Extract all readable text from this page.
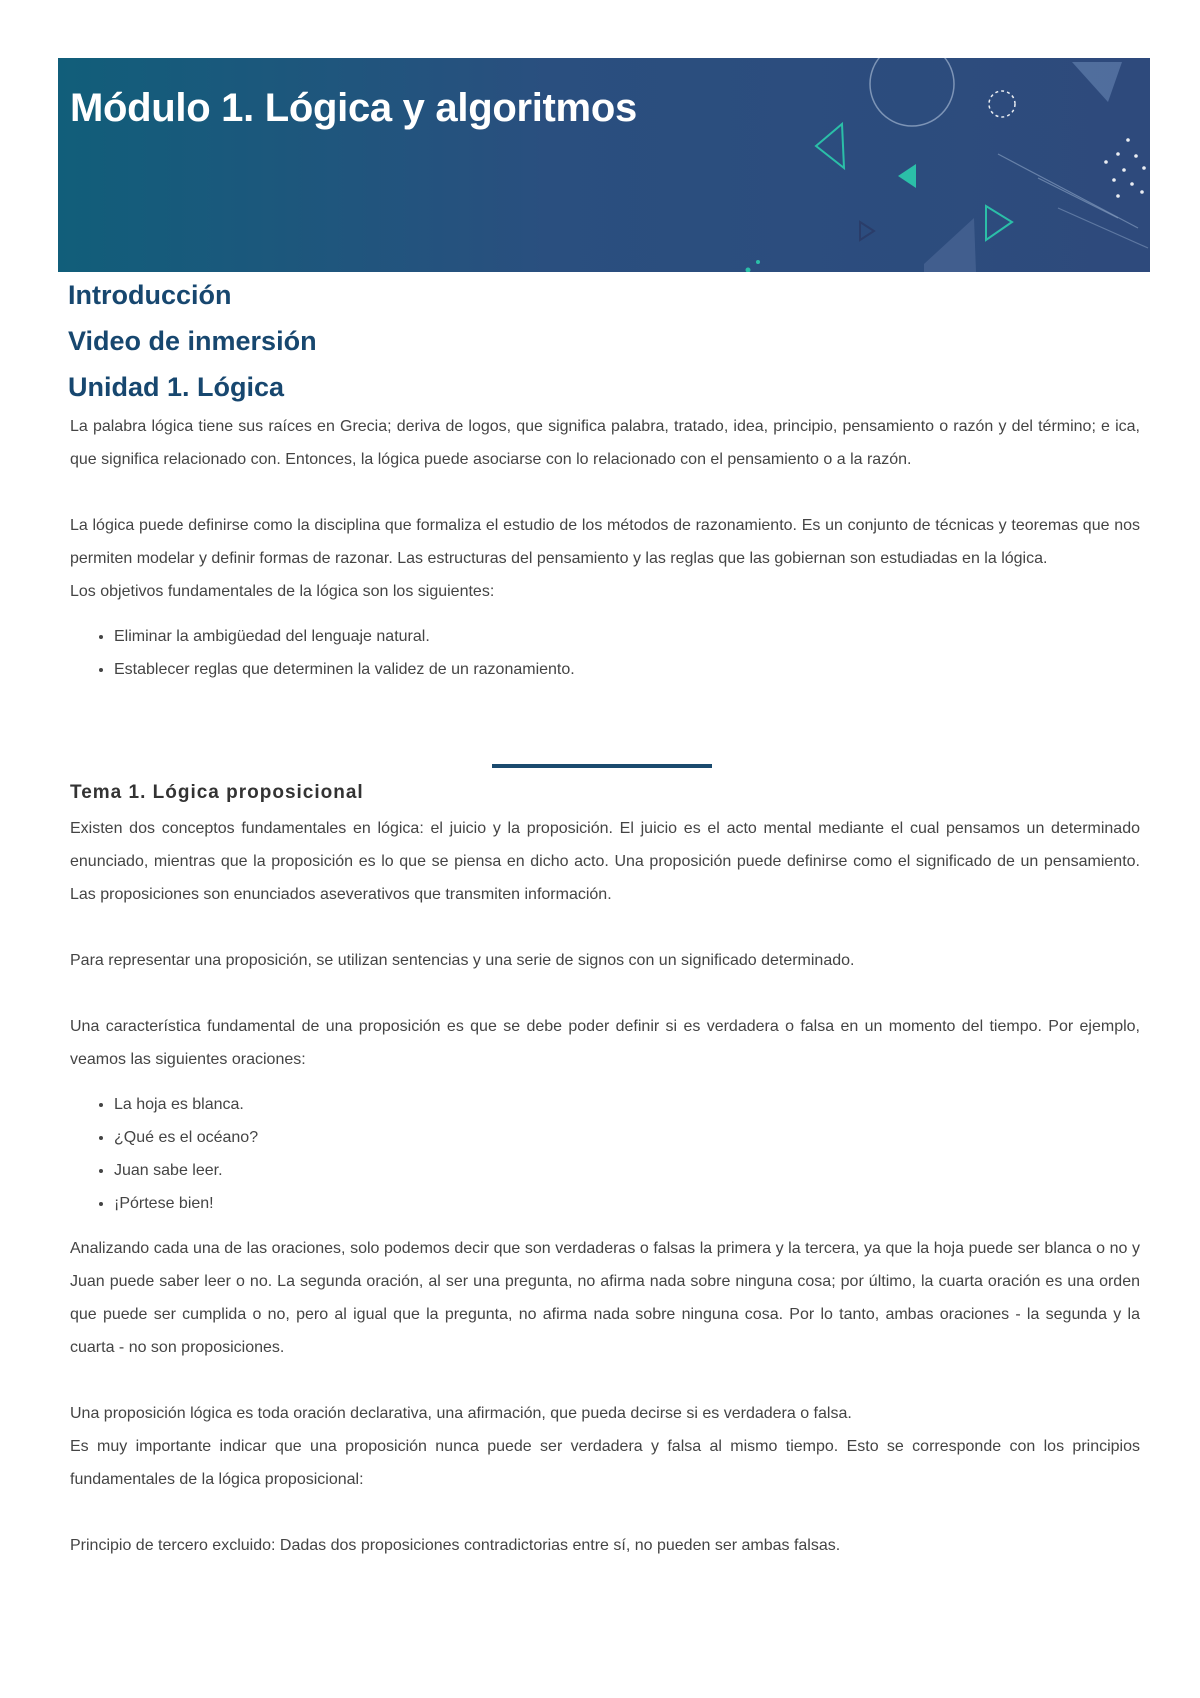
Módulo 1. Lógica y algoritmos
Introducción
Video de inmersión
Unidad 1. Lógica

La palabra lógica tiene sus raíces en Grecia; deriva de logos, que significa palabra, tratado, idea, principio, pensamiento o razón y del término; e ica, que significa relacionado con. Entonces, la lógica puede asociarse con lo relacionado con el pensamiento o a la razón.

La lógica puede definirse como la disciplina que formaliza el estudio de los métodos de razonamiento. Es un conjunto de técnicas y teoremas que nos permiten modelar y definir formas de razonar. Las estructuras del pensamiento y las reglas que las gobiernan son estudiadas en la lógica.

Los objetivos fundamentales de la lógica son los siguientes:

• Eliminar la ambigüedad del lenguaje natural.
• Establecer reglas que determinen la validez de un razonamiento.
Tema 1. Lógica proposicional

Existen dos conceptos fundamentales en lógica: el juicio y la proposición. El juicio es el acto mental mediante el cual pensamos un determinado enunciado, mientras que la proposición es lo que se piensa en dicho acto. Una proposición puede definirse como el significado de un pensamiento. Las proposiciones son enunciados aseverativos que transmiten información.

Para representar una proposición, se utilizan sentencias y una serie de signos con un significado determinado.

Una característica fundamental de una proposición es que se debe poder definir si es verdadera o falsa en un momento del tiempo. Por ejemplo, veamos las siguientes oraciones:

• La hoja es blanca.
• ¿Qué es el océano?
• Juan sabe leer.
• ¡Pórtese bien!

Analizando cada una de las oraciones, solo podemos decir que son verdaderas o falsas la primera y la tercera, ya que la hoja puede ser blanca o no y Juan puede saber leer o no. La segunda oración, al ser una pregunta, no afirma nada sobre ninguna cosa; por último, la cuarta oración es una orden que puede ser cumplida o no, pero al igual que la pregunta, no afirma nada sobre ninguna cosa. Por lo tanto, ambas oraciones - la segunda y la cuarta - no son proposiciones.

Una proposición lógica es toda oración declarativa, una afirmación, que pueda decirse si es verdadera o falsa.

Es muy importante indicar que una proposición nunca puede ser verdadera y falsa al mismo tiempo. Esto se corresponde con los principios fundamentales de la lógica proposicional:

Principio de tercero excluido: Dadas dos proposiciones contradictorias entre sí, no pueden ser ambas falsas.
